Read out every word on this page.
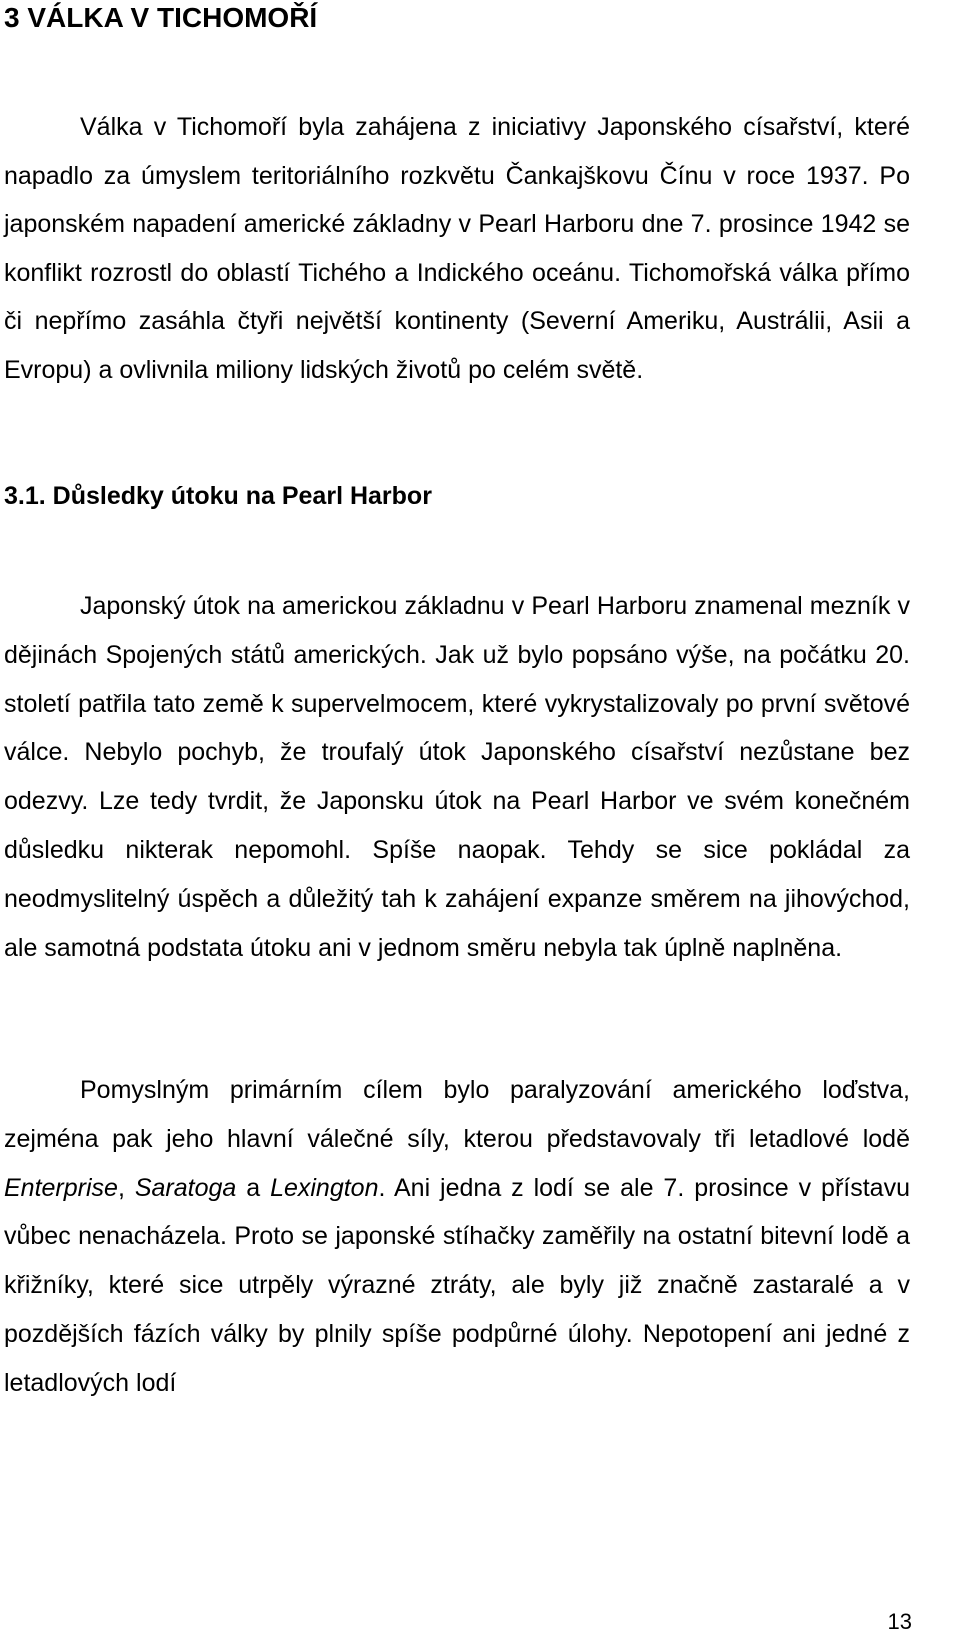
3 VÁLKA V TICHOMOŘÍ

Válka v Tichomoří byla zahájena z iniciativy Japonského císařství, které napadlo za úmyslem teritoriálního rozkvětu Čankajškovu Čínu v roce 1937. Po japonském napadení americké základny v Pearl Harboru dne 7. prosince 1942 se konflikt rozrostl do oblastí Tichého a Indického oceánu. Tichomořská válka přímo či nepřímo zasáhla čtyři největší kontinenty (Severní Ameriku, Austrálii, Asii a Evropu) a ovlivnila miliony lidských životů po celém světě.

3.1. Důsledky útoku na Pearl Harbor

Japonský útok na americkou základnu v Pearl Harboru znamenal mezník v dějinách Spojených států amerických. Jak už bylo popsáno výše, na počátku 20. století patřila tato země k supervelmocem, které vykrystalizovaly po první světové válce. Nebylo pochyb, že troufalý útok Japonského císařství nezůstane bez odezvy. Lze tedy tvrdit, že Japonsku útok na Pearl Harbor ve svém konečném důsledku nikterak nepomohl. Spíše naopak. Tehdy se sice pokládal za neodmyslitelný úspěch a důležitý tah k zahájení expanze směrem na jihovýchod, ale samotná podstata útoku ani v jednom směru nebyla tak úplně naplněna.

Pomyslným primárním cílem bylo paralyzování amerického loďstva, zejména pak jeho hlavní válečné síly, kterou představovaly tři letadlové lodě Enterprise, Saratoga a Lexington. Ani jedna z lodí se ale 7. prosince v přístavu vůbec nenacházela. Proto se japonské stíhačky zaměřily na ostatní bitevní lodě a křižníky, které sice utrpěly výrazné ztráty, ale byly již značně zastaralé a v pozdějších fázích války by plnily spíše podpůrné úlohy. Nepotopení ani jedné z letadlových lodí

13
